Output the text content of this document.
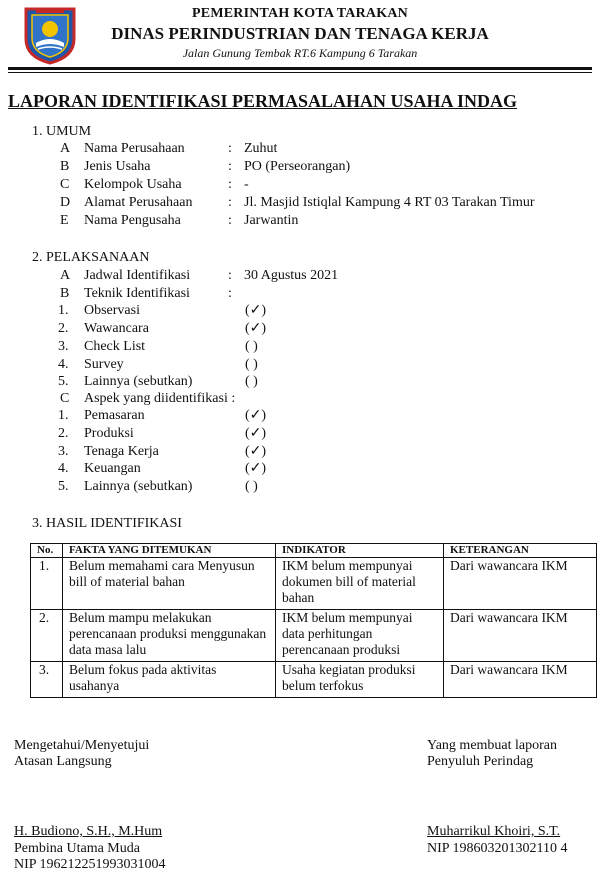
PEMERINTAH KOTA TARAKAN
DINAS PERINDUSTRIAN DAN TENAGA KERJA
Jalan Gunung Tembak RT.6 Kampung 6 Tarakan
LAPORAN IDENTIFIKASI PERMASALAHAN USAHA INDAG
1. UMUM
A Nama Perusahaan	: Zuhut
B Jenis Usaha	: PO (Perseorangan)
C Kelompok Usaha	: -
D Alamat Perusahaan	: Jl. Masjid Istiqlal Kampung 4 RT 03 Tarakan Timur
E Nama Pengusaha	: Jarwantin
2. PELAKSANAAN
A Jadwal Identifikasi	: 30 Agustus 2021
B Teknik Identifikasi	:
1. Observasi	(✓)
2. Wawancara	(✓)
3. Check List	( )
4. Survey	( )
5. Lainnya (sebutkan)	( )
C Aspek yang diidentifikasi :
1. Pemasaran	(✓)
2. Produksi	(✓)
3. Tenaga Kerja	(✓)
4. Keuangan	(✓)
5. Lainnya (sebutkan)	( )
3. HASIL IDENTIFIKASI
No.	FAKTA YANG DITEMUKAN	INDIKATOR	KETERANGAN
1.	Belum memahami cara Menyusun bill of material bahan	IKM belum mempunyai dokumen bill of material bahan	Dari wawancara IKM
2.	Belum mampu melakukan perencanaan produksi menggunakan data masa lalu	IKM belum mempunyai data perhitungan perencanaan produksi	Dari wawancara IKM
3.	Belum fokus pada aktivitas usahanya	Usaha kegiatan produksi belum terfokus	Dari wawancara IKM
Mengetahui/Menyetujui
Atasan Langsung
H. Budiono, S.H., M.Hum
Pembina Utama Muda
NIP 196212251993031004
Yang membuat laporan
Penyuluh Perindag
Muharrikul Khoiri, S.T.
NIP 198603201302110 4
